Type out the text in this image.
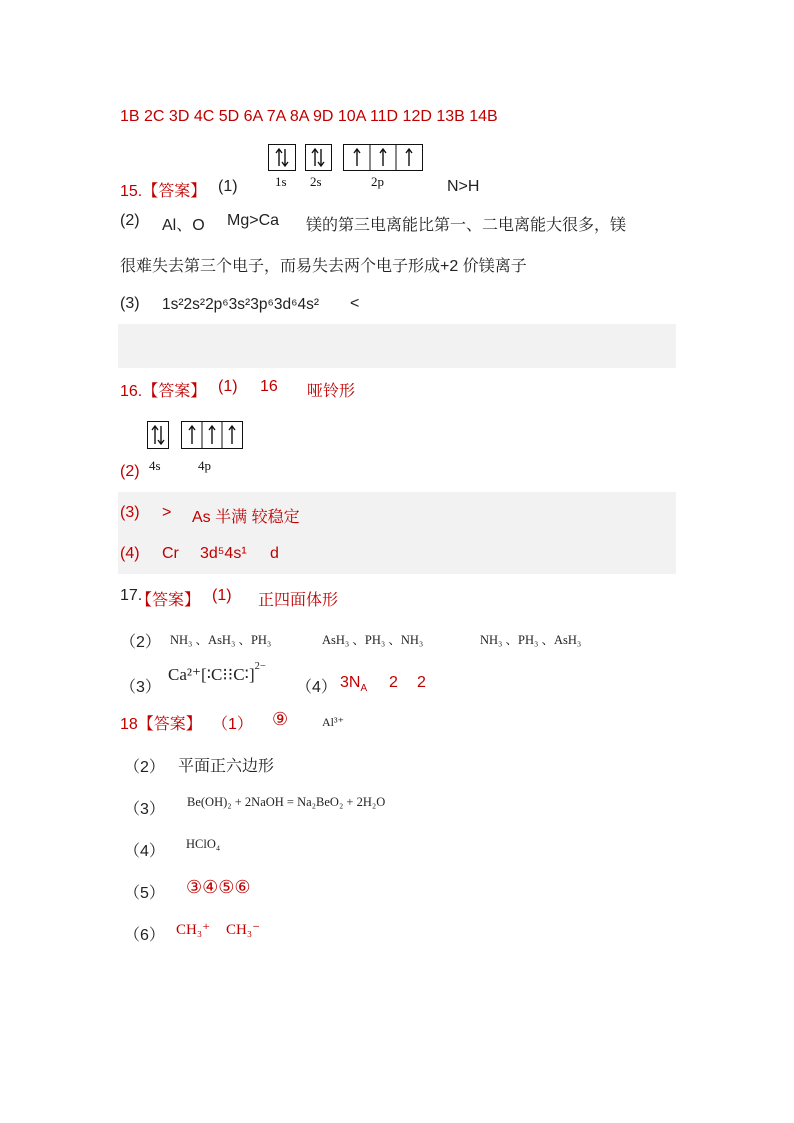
1B 2C 3D 4C 5D 6A 7A 8A 9D 10A 11D 12D 13B 14B
1s 2s	2p
15.【答案】 (1)	N>H
(2) Al、O Mg>Ca 镁的第三电离能比第一、二电离能大很多，镁
很难失去第三个电子，而易失去两个电子形成+2 价镁离子
(3) 1s²2s²2p⁶3s²3p⁶3d⁶4s² <
16.【答案】 (1) 16 哑铃形
4s	4p
(2)
(3) > As 半满 较稳定
(4) Cr 3d⁵4s¹ d
17.
【答案】 (1) 正四面体形
（2） NH₃ 、AsH₃ 、PH₃	AsH₃ 、PH₃ 、NH₃	NH₃ 、PH₃ 、AsH₃
（3）
Ca²⁺[∶C⁝⁝C∶]$^{2-}$
（4） $3N_A$ 2 2
18【答案】 （1） ⑨	Al³⁺
（2） 平面正六边形
（3） Be(OH)₂ + 2NaOH = Na₂BeO₂ + 2H₂O
（4） HClO₄
（5） ③④⑤⑥
（6） CH₃⁺ CH₃⁻
